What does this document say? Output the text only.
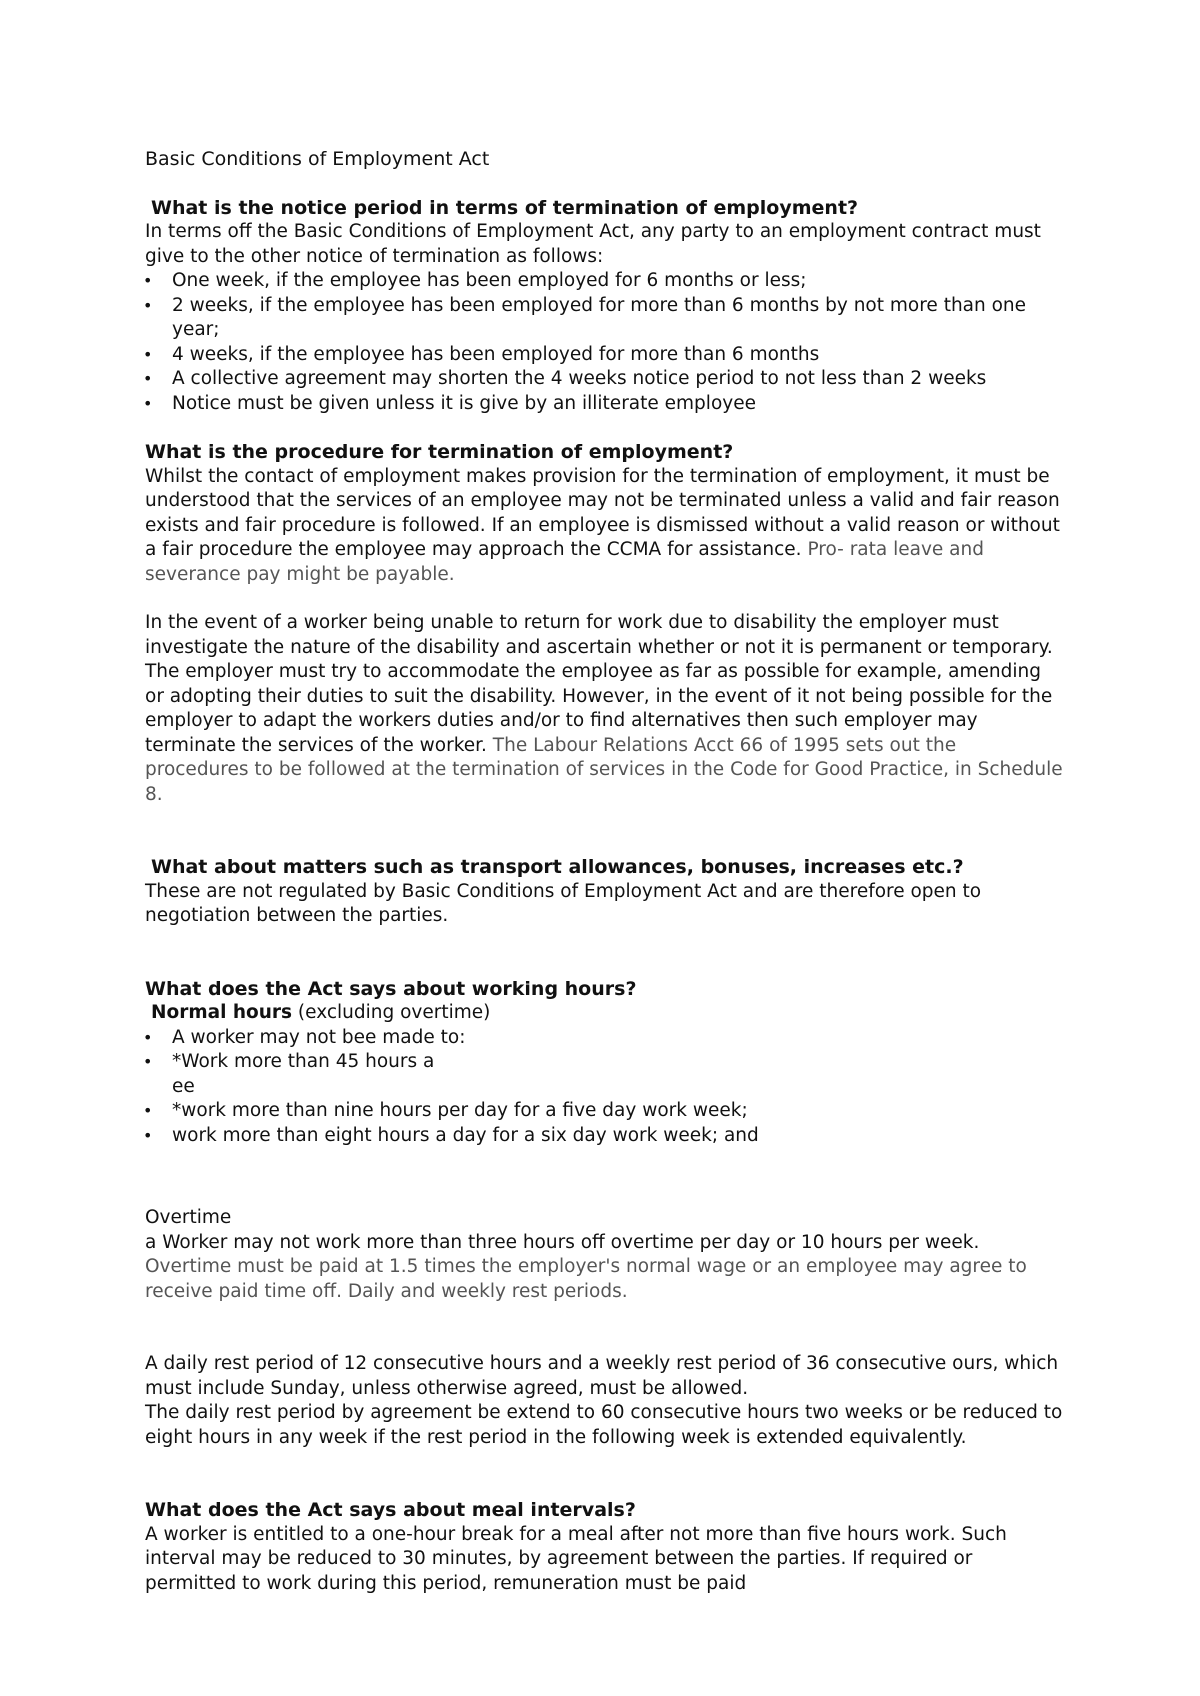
Basic Conditions of Employment Act
What is the notice period in terms of termination of employment?

In terms off the Basic Conditions of Employment Act, any party to an employment contract must give to the other notice of termination as follows:

• One week, if the employee has been employed for 6 months or less;
• 2 weeks, if the employee has been employed for more than 6 months by not more than one year;
• 4 weeks, if the employee has been employed for more than 6 months
• A collective agreement may shorten the 4 weeks notice period to not less than 2 weeks
• Notice must be given unless it is give by an illiterate employee
What is the procedure for termination of employment?

Whilst the contact of employment makes provision for the termination of employment, it must be understood that the services of an employee may not be terminated unless a valid and fair reason exists and fair procedure is followed. If an employee is dismissed without a valid reason or without a fair procedure the employee may approach the CCMA for assistance. Pro- rata leave and severance pay might be payable.

In the event of a worker being unable to return for work due to disability the employer must investigate the nature of the disability and ascertain whether or not it is permanent or temporary. The employer must try to accommodate the employee as far as possible for example, amending or adopting their duties to suit the disability. However, in the event of it not being possible for the employer to adapt the workers duties and/or to find alternatives then such employer may terminate the services of the worker. The Labour Relations Acct 66 of 1995 sets out the procedures to be followed at the termination of services in the Code for Good Practice, in Schedule 8.

What about matters such as transport allowances, bonuses, increases etc.?

These are not regulated by Basic Conditions of Employment Act and are therefore open to negotiation between the parties.

What does the Act says about working hours?

Normal hours (excluding overtime)

• A worker may not bee made to:
• *Work more than 45 hours a
ee
• *work more than nine hours per day for a five day work week;
• work more than eight hours a day for a six day work week; and

Overtime

a Worker may not work more than three hours off overtime per day or 10 hours per week. Overtime must be paid at 1.5 times the employer's normal wage or an employee may agree to receive paid time off. Daily and weekly rest periods.

A daily rest period of 12 consecutive hours and a weekly rest period of 36 consecutive ours, which must include Sunday, unless otherwise agreed, must be allowed.

The daily rest period by agreement be extend to 60 consecutive hours two weeks or be reduced to eight hours in any week if the rest period in the following week is extended equivalently.

What does the Act says about meal intervals?

A worker is entitled to a one-hour break for a meal after not more than five hours work. Such interval may be reduced to 30 minutes, by agreement between the parties. If required or permitted to work during this period, remuneration must be paid
